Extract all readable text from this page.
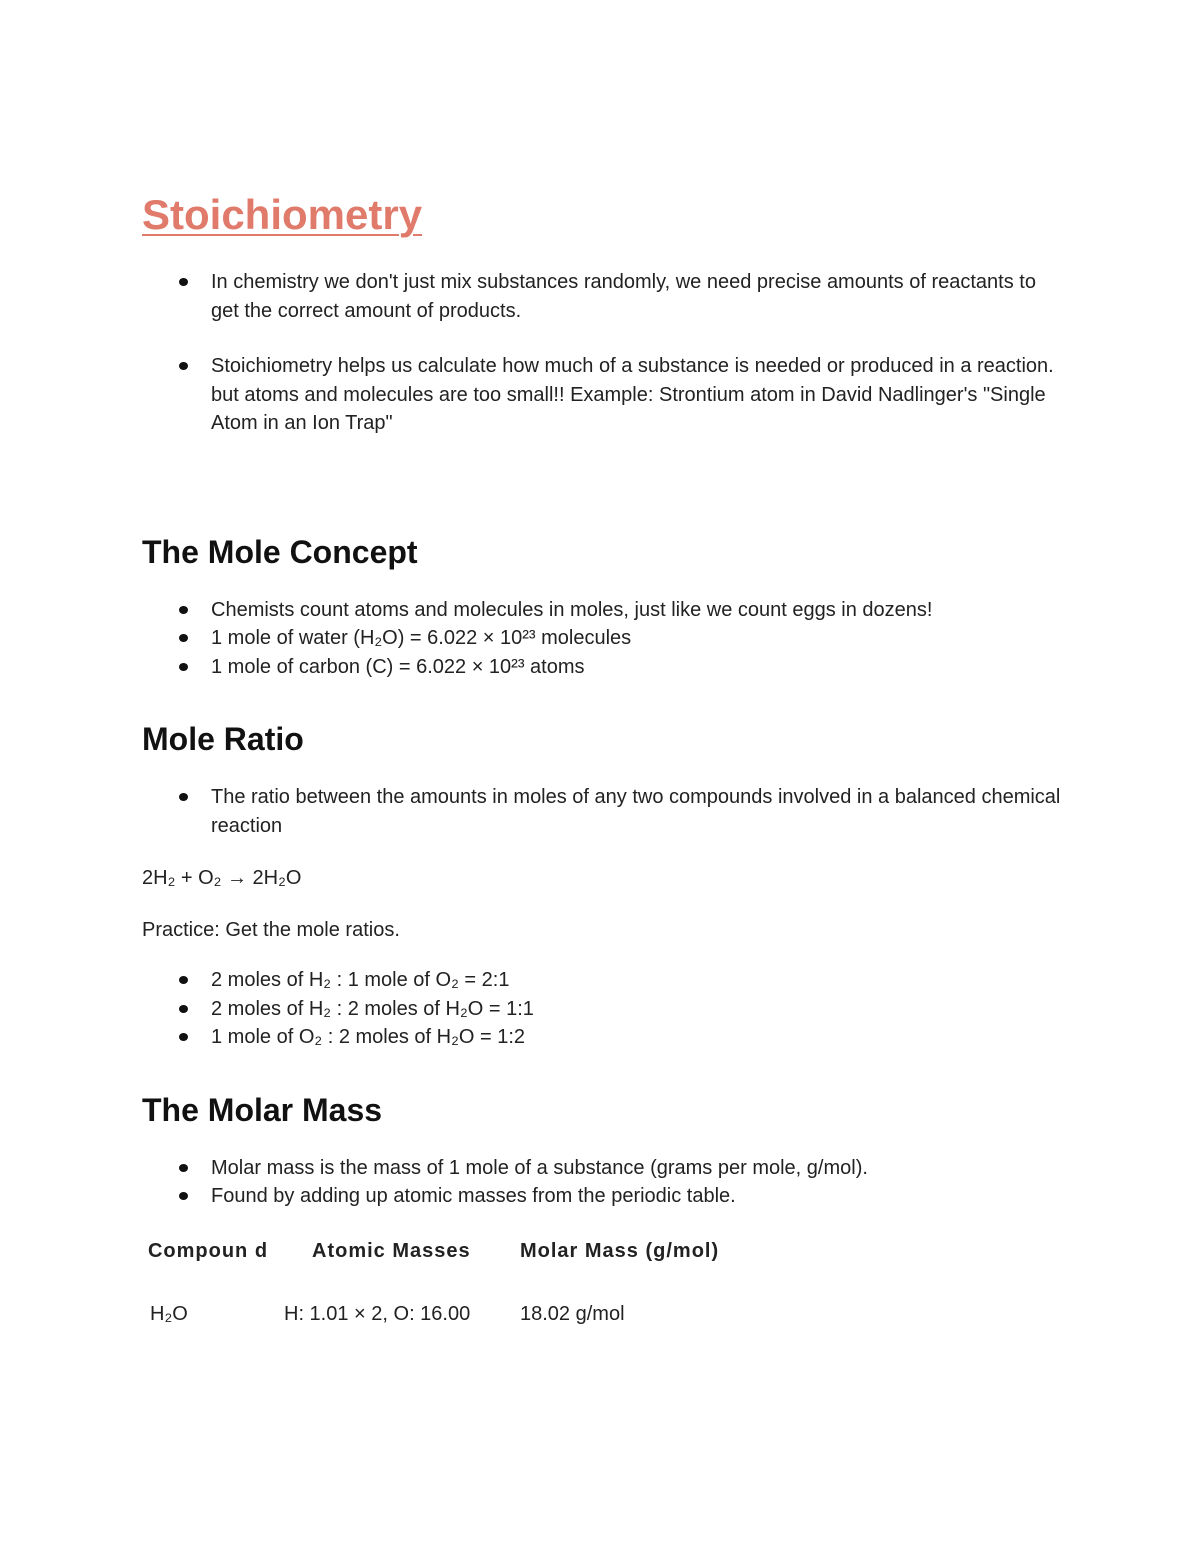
Stoichiometry
In chemistry we don't just mix substances randomly, we need precise amounts of reactants to get the correct amount of products.
Stoichiometry helps us calculate how much of a substance is needed or produced in a reaction. but atoms and molecules are too small!! Example: Strontium atom in David Nadlinger's "Single Atom in an Ion Trap"
The Mole Concept
Chemists count atoms and molecules in moles, just like we count eggs in dozens!
1 mole of water (H₂O) = 6.022 × 10²³ molecules
1 mole of carbon (C) = 6.022 × 10²³ atoms
Mole Ratio
The ratio between the amounts in moles of any two compounds involved in a balanced chemical reaction

2H₂ + O₂ → 2H₂O

Practice: Get the mole ratios.

2 moles of H₂ : 1 mole of O₂ = 2:1
2 moles of H₂ : 2 moles of H₂O = 1:1
1 mole of O₂ : 2 moles of H₂O = 1:2
The Molar Mass
Molar mass is the mass of 1 mole of a substance (grams per mole, g/mol).
Found by adding up atomic masses from the periodic table.
Compoun d	Atomic Masses	Molar Mass (g/mol)
H₂O	H: 1.01 × 2, O: 16.00	18.02 g/mol
